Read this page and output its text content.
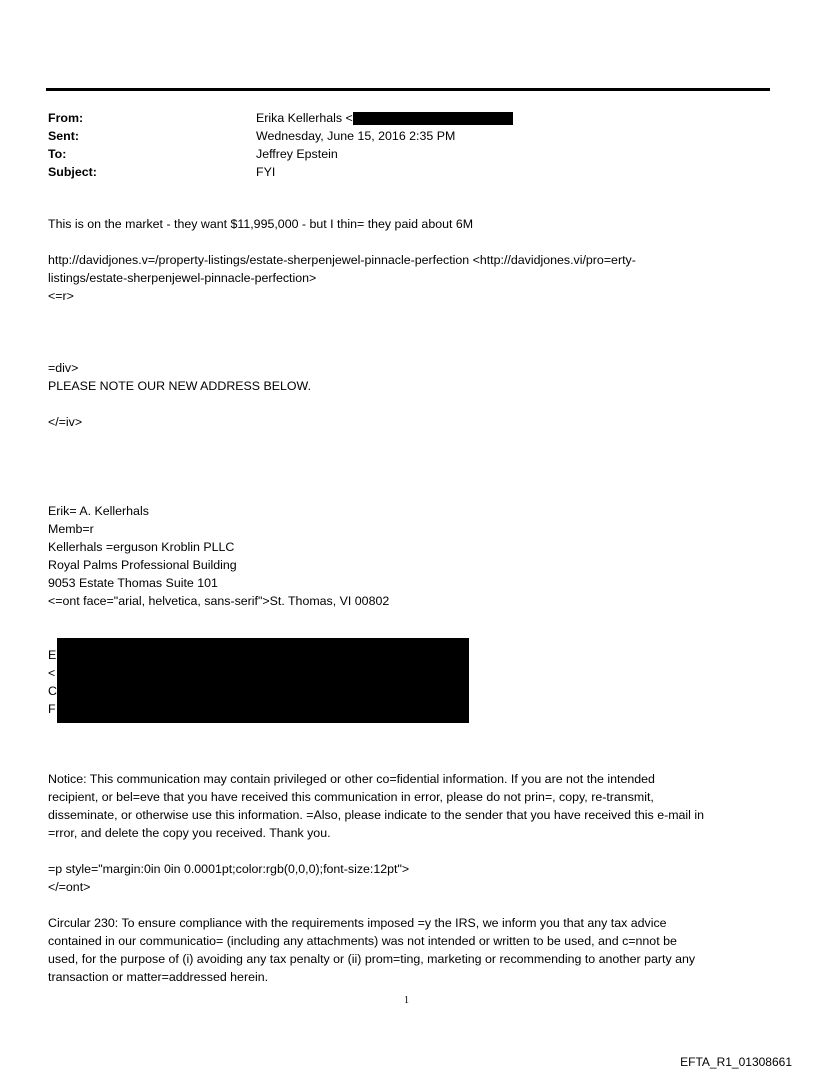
From:	Erika Kellerhals <
Sent:	Wednesday, June 15, 2016 2:35 PM
To:	Jeffrey Epstein
Subject:	FYI
This is on the market - they want $11,995,000 - but I thin= they paid about 6M
http://davidjones.v=/property-listings/estate-sherpenjewel-pinnacle-perfection <http://davidjones.vi/pro=erty-
listings/estate-sherpenjewel-pinnacle-perfection>
<=r>
=div>
PLEASE NOTE OUR NEW ADDRESS BELOW.
</=iv>
Erik= A. Kellerhals
Memb=r
Kellerhals =erguson Kroblin PLLC
Royal Palms Professional Building
9053 Estate Thomas Suite 101
<=ont face="arial, helvetica, sans-serif">St. Thomas, VI 00802
E
<
C
F
Notice: This communication may contain privileged or other co=fidential information. If you are not the intended
recipient, or bel=eve that you have received this communication in error, please do not prin=, copy, re-transmit,
disseminate, or otherwise use this information. =Also, please indicate to the sender that you have received this e-mail in
=rror, and delete the copy you received. Thank you.
=p style="margin:0in 0in 0.0001pt;color:rgb(0,0,0);font-size:12pt">
</=ont>
Circular 230: To ensure compliance with the requirements imposed =y the IRS, we inform you that any tax advice
contained in our communicatio= (including any attachments) was not intended or written to be used, and c=nnot be
used, for the purpose of (i) avoiding any tax penalty or (ii) prom=ting, marketing or recommending to another party any
transaction or matter=addressed herein.
1
EFTA_R1_01308661
